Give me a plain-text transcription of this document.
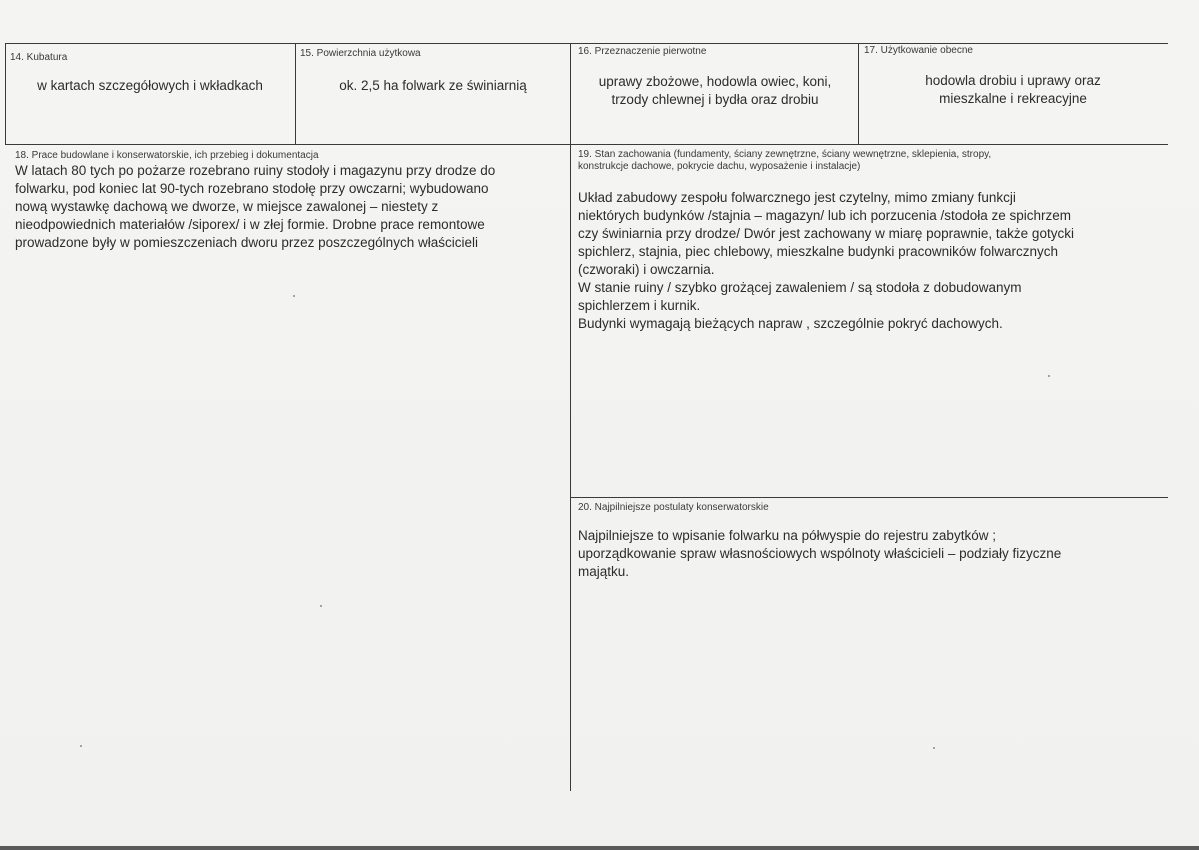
14. Kubatura
w kartach szczegółowych i wkładkach
15. Powierzchnia użytkowa
ok. 2,5 ha folwark ze świniarnią
16. Przeznaczenie pierwotne
uprawy zbożowe, hodowla owiec, koni,
trzody chlewnej i bydła oraz drobiu
17. Użytkowanie obecne
hodowla drobiu i uprawy oraz
mieszkalne i rekreacyjne
18. Prace budowlane i konserwatorskie, ich przebieg i dokumentacja

W latach 80 tych po pożarze rozebrano ruiny stodoły i magazynu przy drodze do

folwarku, pod koniec lat 90-tych rozebrano stodołę przy owczarni; wybudowano

nową wystawkę dachową we dworze, w miejsce zawalonej – niestety z

nieodpowiednich materiałów /siporex/ i w złej formie. Drobne prace remontowe

prowadzone były w pomieszczeniach dworu przez poszczególnych właścicieli

19. Stan zachowania (fundamenty, ściany zewnętrzne, ściany wewnętrzne, sklepienia, stropy,
konstrukcje dachowe, pokrycie dachu, wyposażenie i instalacje)

Układ zabudowy zespołu folwarcznego jest czytelny, mimo zmiany funkcji

niektórych budynków /stajnia – magazyn/ lub ich porzucenia /stodoła ze spichrzem

czy świniarnia przy drodze/ Dwór jest zachowany w miarę poprawnie, także gotycki

spichlerz, stajnia, piec chlebowy, mieszkalne budynki pracowników folwarcznych

(czworaki) i owczarnia.

W stanie ruiny / szybko grożącej zawaleniem / są stodoła z dobudowanym

spichlerzem i kurnik.

Budynki wymagają bieżących napraw , szczególnie pokryć dachowych.

20. Najpilniejsze postulaty konserwatorskie

Najpilniejsze to wpisanie folwarku na półwyspie do rejestru zabytków ;

uporządkowanie spraw własnościowych wspólnoty właścicieli – podziały fizyczne

majątku.
